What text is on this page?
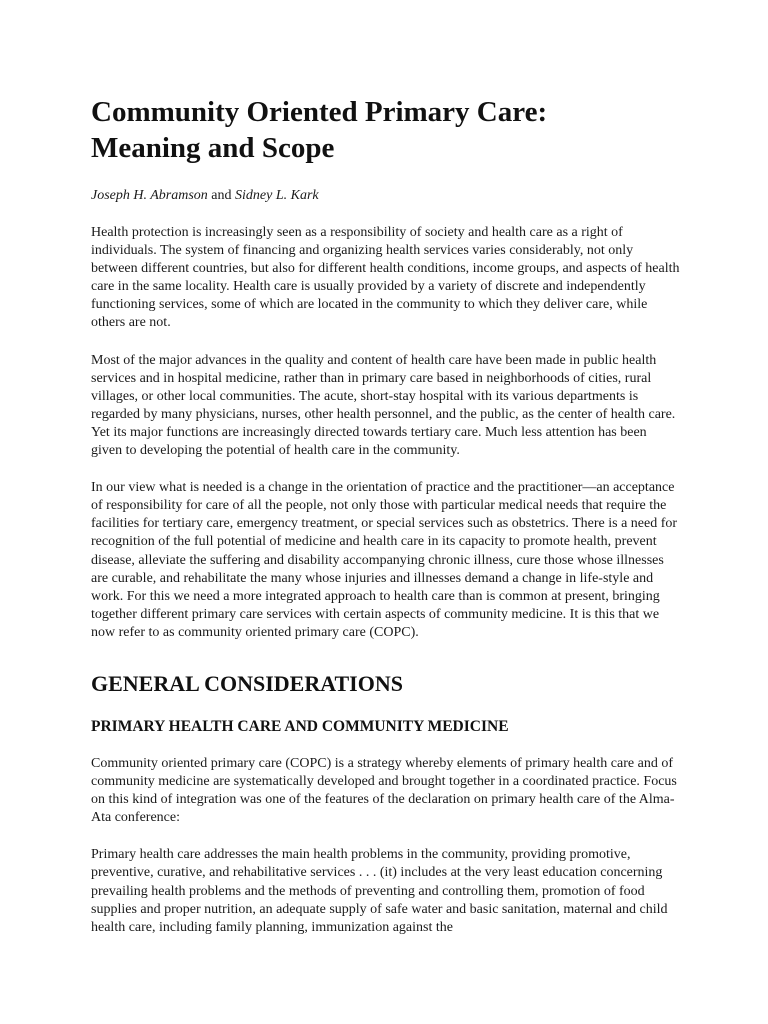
Community Oriented Primary Care:
Meaning and Scope
Joseph H. Abramson and Sidney L. Kark

Health protection is increasingly seen as a responsibility of society and health care as a right of individuals. The system of financing and organizing health services varies considerably, not only between different countries, but also for different health conditions, income groups, and aspects of health care in the same locality. Health care is usually provided by a variety of discrete and independently functioning services, some of which are located in the community to which they deliver care, while others are not.

Most of the major advances in the quality and content of health care have been made in public health services and in hospital medicine, rather than in primary care based in neighborhoods of cities, rural villages, or other local communities. The acute, short-stay hospital with its various departments is regarded by many physicians, nurses, other health personnel, and the public, as the center of health care. Yet its major functions are increasingly directed towards tertiary care. Much less attention has been given to developing the potential of health care in the community.

In our view what is needed is a change in the orientation of practice and the practitioner—an acceptance of responsibility for care of all the people, not only those with particular medical needs that require the facilities for tertiary care, emergency treatment, or special services such as obstetrics. There is a need for recognition of the full potential of medicine and health care in its capacity to promote health, prevent disease, alleviate the suffering and disability accompanying chronic illness, cure those whose illnesses are curable, and rehabilitate the many whose injuries and illnesses demand a change in life-style and work. For this we need a more integrated approach to health care than is common at present, bringing together different primary care services with certain aspects of community medicine. It is this that we now refer to as community oriented primary care (COPC).

GENERAL CONSIDERATIONS
PRIMARY HEALTH CARE AND COMMUNITY MEDICINE

Community oriented primary care (COPC) is a strategy whereby elements of primary health care and of community medicine are systematically developed and brought together in a coordinated practice. Focus on this kind of integration was one of the features of the declaration on primary health care of the Alma-Ata conference:

Primary health care addresses the main health problems in the community, providing promotive, preventive, curative, and rehabilitative services . . . (it) includes at the very least education concerning prevailing health problems and the methods of preventing and controlling them, promotion of food supplies and proper nutrition, an adequate supply of safe water and basic sanitation, maternal and child health care, including family planning, immunization against the
